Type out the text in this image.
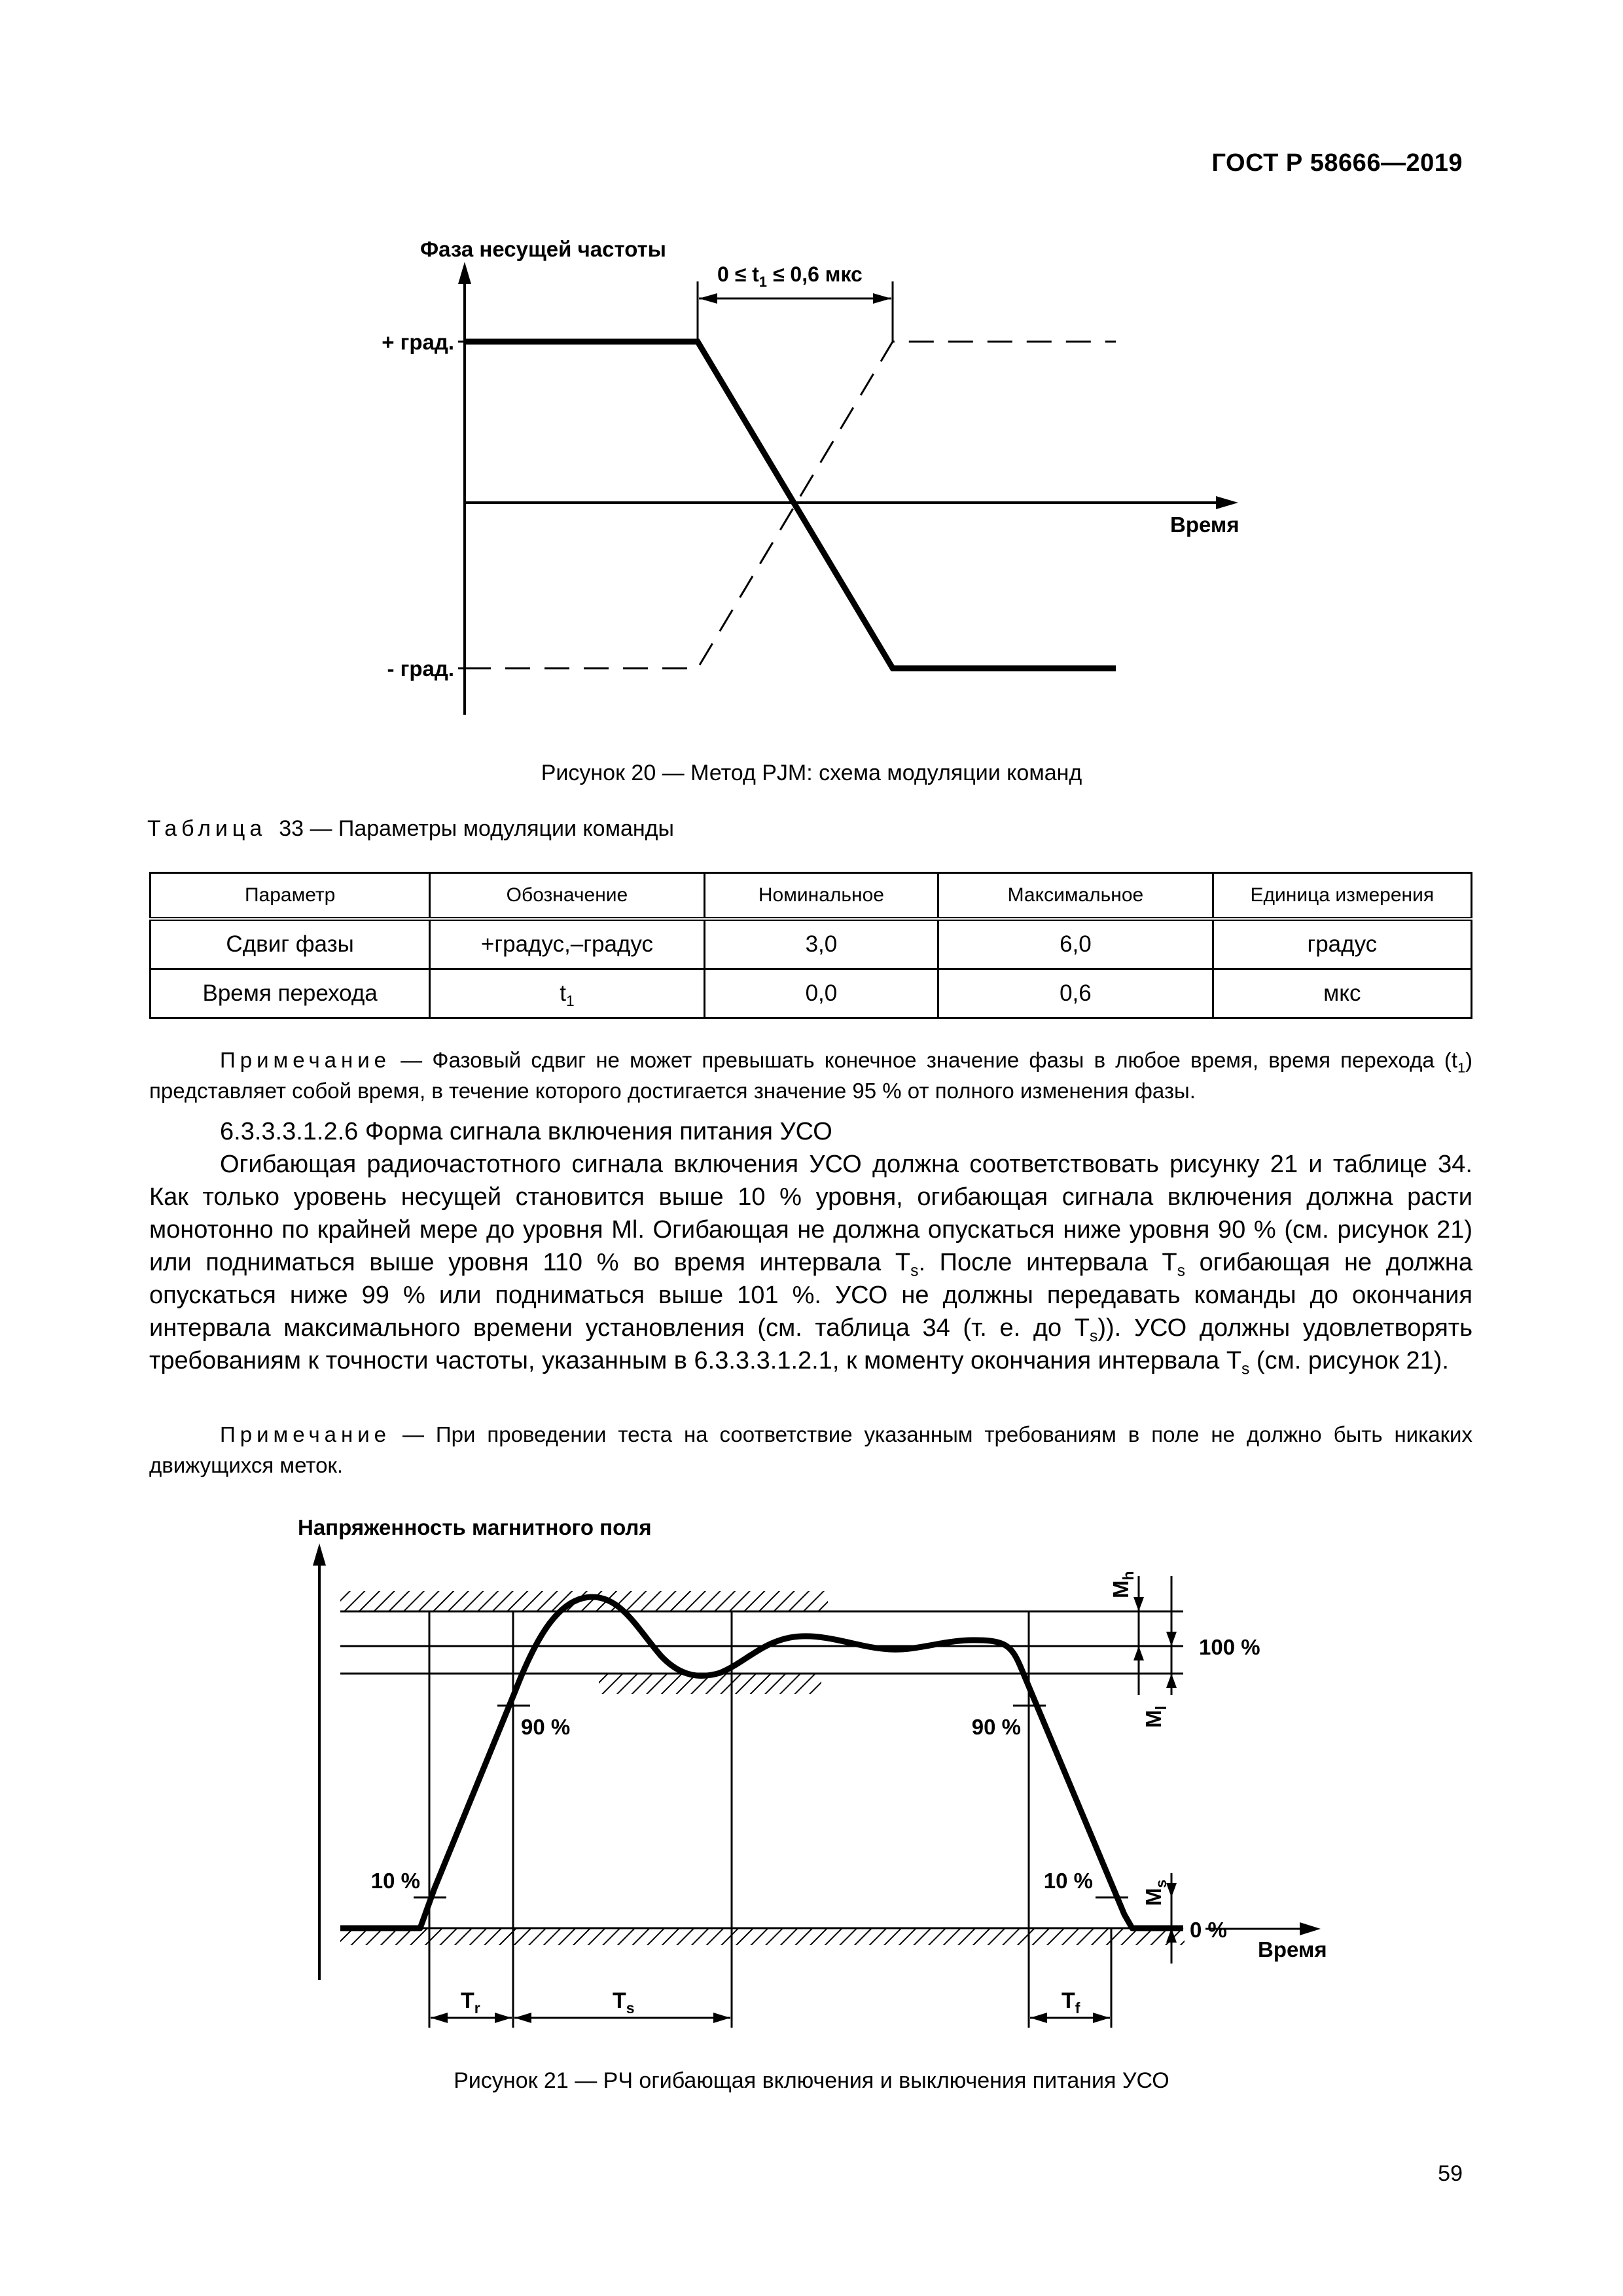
ГОСТ Р 58666—2019
Фаза несущей частоты
Время
+ град.
- град.
$0 \le t_1 \le 0,6$ мкс
Рисунок 20 — Метод PJM: схема модуляции команд
Таблица 33 — Параметры модуляции команды
Параметр	Обозначение	Номинальное	Максимальное	Единица измерения
Сдвиг фазы	+градус,–градус	3,0	6,0	градус
Время перехода	$t_1$	0,0	0,6	мкс
Примечание — Фазовый сдвиг не может превышать конечное значение фазы в любое время, время перехода $(t_1)$ представляет собой время, в течение которого достигается значение 95 % от полного изменения фазы.
6.3.3.3.1.2.6 Форма сигнала включения питания УСО
Огибающая радиочастотного сигнала включения УСО должна соответствовать рисунку 21 и таблице 34. Как только уровень несущей становится выше 10 % уровня, огибающая сигнала включения должна расти монотонно по крайней мере до уровня Ml. Огибающая не должна опускаться ниже уровня 90 % (см. рисунок 21) или подниматься выше уровня 110 % во время интервала $T_s$. После интервала $T_s$ огибающая не должна опускаться ниже 99 % или подниматься выше 101 %. УСО не должны передавать команды до окончания интервала максимального времени установления (см. таблица 34 (т. е. до $T_s$)). УСО должны удовлетворять требованиям к точности частоты, указанным в 6.3.3.3.1.2.1, к моменту окончания интервала $T_s$ (см. рисунок 21).
Примечание — При проведении теста на соответствие указанным требованиям в поле не должно быть никаких движущихся меток.
Напряженность магнитного поля
Время
100 %
0 %
90 %	90 %
10 %	10 %
$M_h$
$M_l$
$M_s$
$T_r$	$T_s$	$T_f$
Рисунок 21 — РЧ огибающая включения и выключения питания УСО
59
